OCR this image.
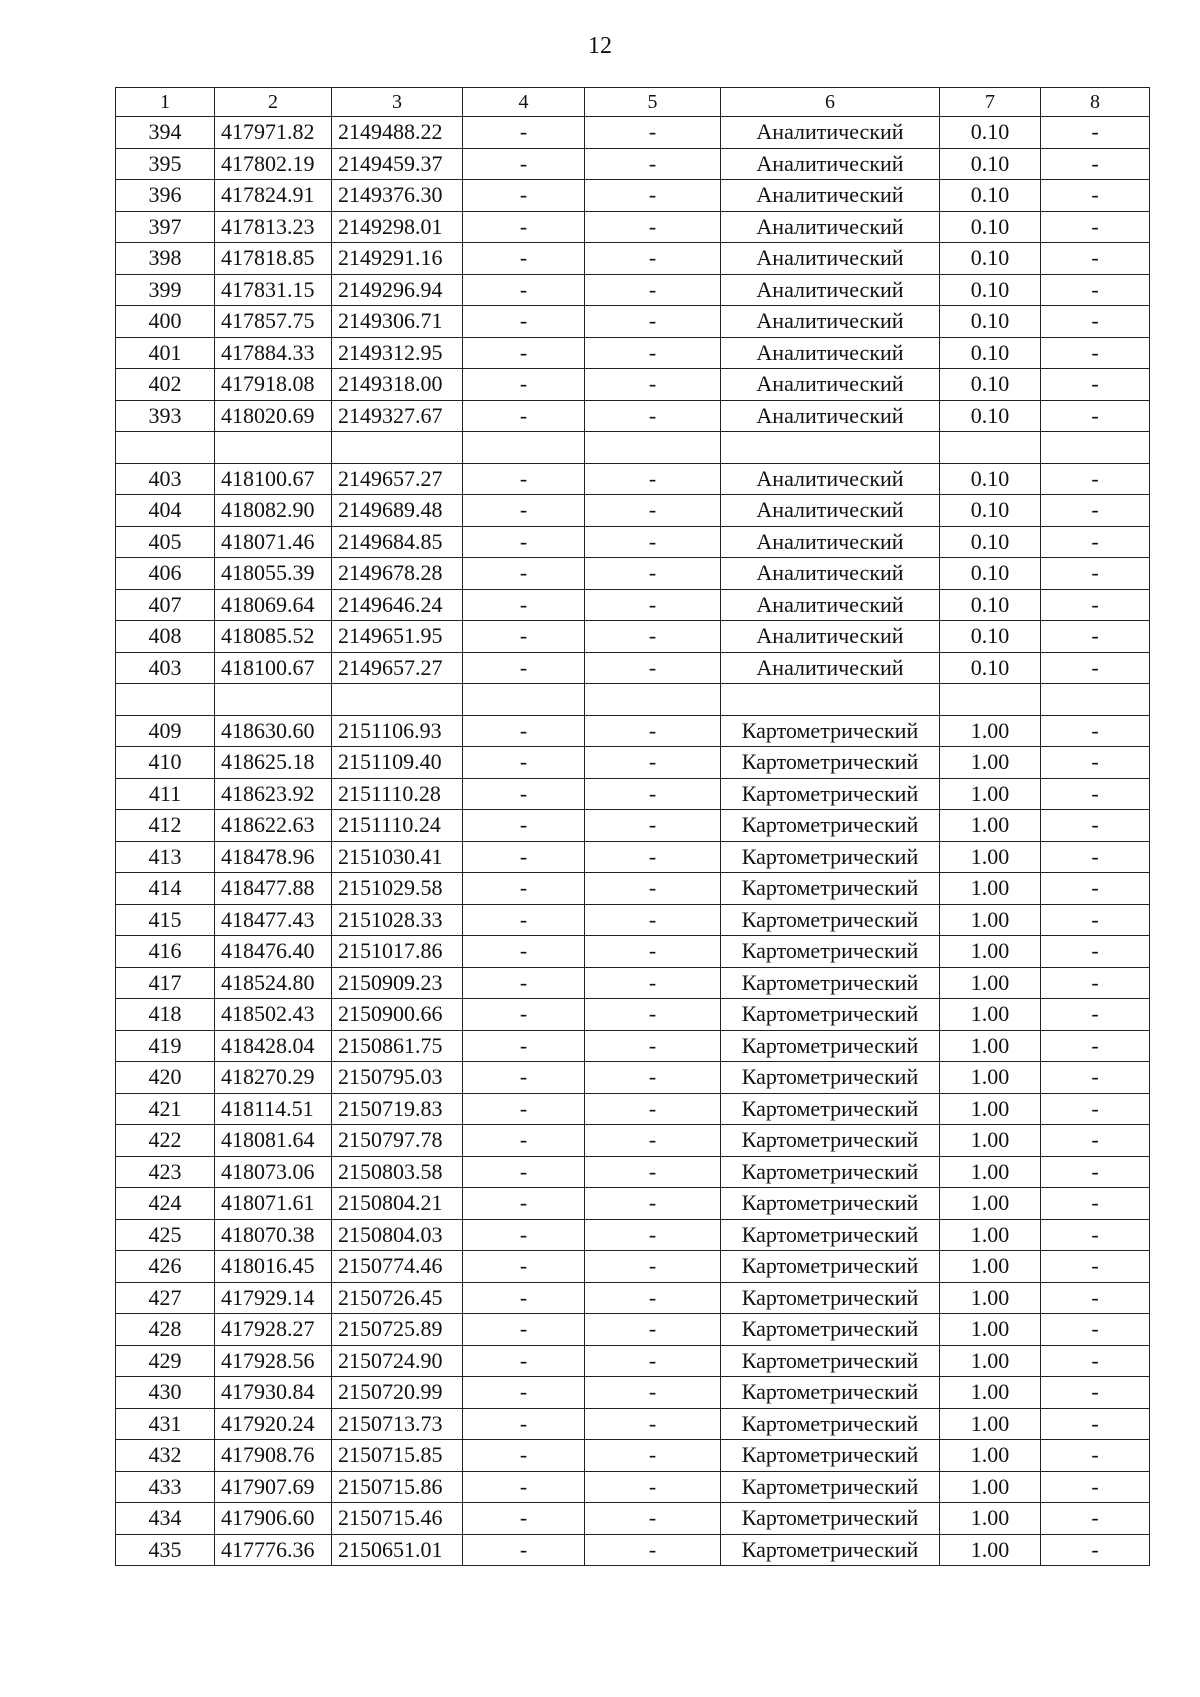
12
1	2	3	4	5	6	7	8
394	417971.82	2149488.22	-	-	Аналитический	0.10	-
395	417802.19	2149459.37	-	-	Аналитический	0.10	-
396	417824.91	2149376.30	-	-	Аналитический	0.10	-
397	417813.23	2149298.01	-	-	Аналитический	0.10	-
398	417818.85	2149291.16	-	-	Аналитический	0.10	-
399	417831.15	2149296.94	-	-	Аналитический	0.10	-
400	417857.75	2149306.71	-	-	Аналитический	0.10	-
401	417884.33	2149312.95	-	-	Аналитический	0.10	-
402	417918.08	2149318.00	-	-	Аналитический	0.10	-
393	418020.69	2149327.67	-	-	Аналитический	0.10	-

403	418100.67	2149657.27	-	-	Аналитический	0.10	-
404	418082.90	2149689.48	-	-	Аналитический	0.10	-
405	418071.46	2149684.85	-	-	Аналитический	0.10	-
406	418055.39	2149678.28	-	-	Аналитический	0.10	-
407	418069.64	2149646.24	-	-	Аналитический	0.10	-
408	418085.52	2149651.95	-	-	Аналитический	0.10	-
403	418100.67	2149657.27	-	-	Аналитический	0.10	-

409	418630.60	2151106.93	-	-	Картометрический	1.00	-
410	418625.18	2151109.40	-	-	Картометрический	1.00	-
411	418623.92	2151110.28	-	-	Картометрический	1.00	-
412	418622.63	2151110.24	-	-	Картометрический	1.00	-
413	418478.96	2151030.41	-	-	Картометрический	1.00	-
414	418477.88	2151029.58	-	-	Картометрический	1.00	-
415	418477.43	2151028.33	-	-	Картометрический	1.00	-
416	418476.40	2151017.86	-	-	Картометрический	1.00	-
417	418524.80	2150909.23	-	-	Картометрический	1.00	-
418	418502.43	2150900.66	-	-	Картометрический	1.00	-
419	418428.04	2150861.75	-	-	Картометрический	1.00	-
420	418270.29	2150795.03	-	-	Картометрический	1.00	-
421	418114.51	2150719.83	-	-	Картометрический	1.00	-
422	418081.64	2150797.78	-	-	Картометрический	1.00	-
423	418073.06	2150803.58	-	-	Картометрический	1.00	-
424	418071.61	2150804.21	-	-	Картометрический	1.00	-
425	418070.38	2150804.03	-	-	Картометрический	1.00	-
426	418016.45	2150774.46	-	-	Картометрический	1.00	-
427	417929.14	2150726.45	-	-	Картометрический	1.00	-
428	417928.27	2150725.89	-	-	Картометрический	1.00	-
429	417928.56	2150724.90	-	-	Картометрический	1.00	-
430	417930.84	2150720.99	-	-	Картометрический	1.00	-
431	417920.24	2150713.73	-	-	Картометрический	1.00	-
432	417908.76	2150715.85	-	-	Картометрический	1.00	-
433	417907.69	2150715.86	-	-	Картометрический	1.00	-
434	417906.60	2150715.46	-	-	Картометрический	1.00	-
435	417776.36	2150651.01	-	-	Картометрический	1.00	-
